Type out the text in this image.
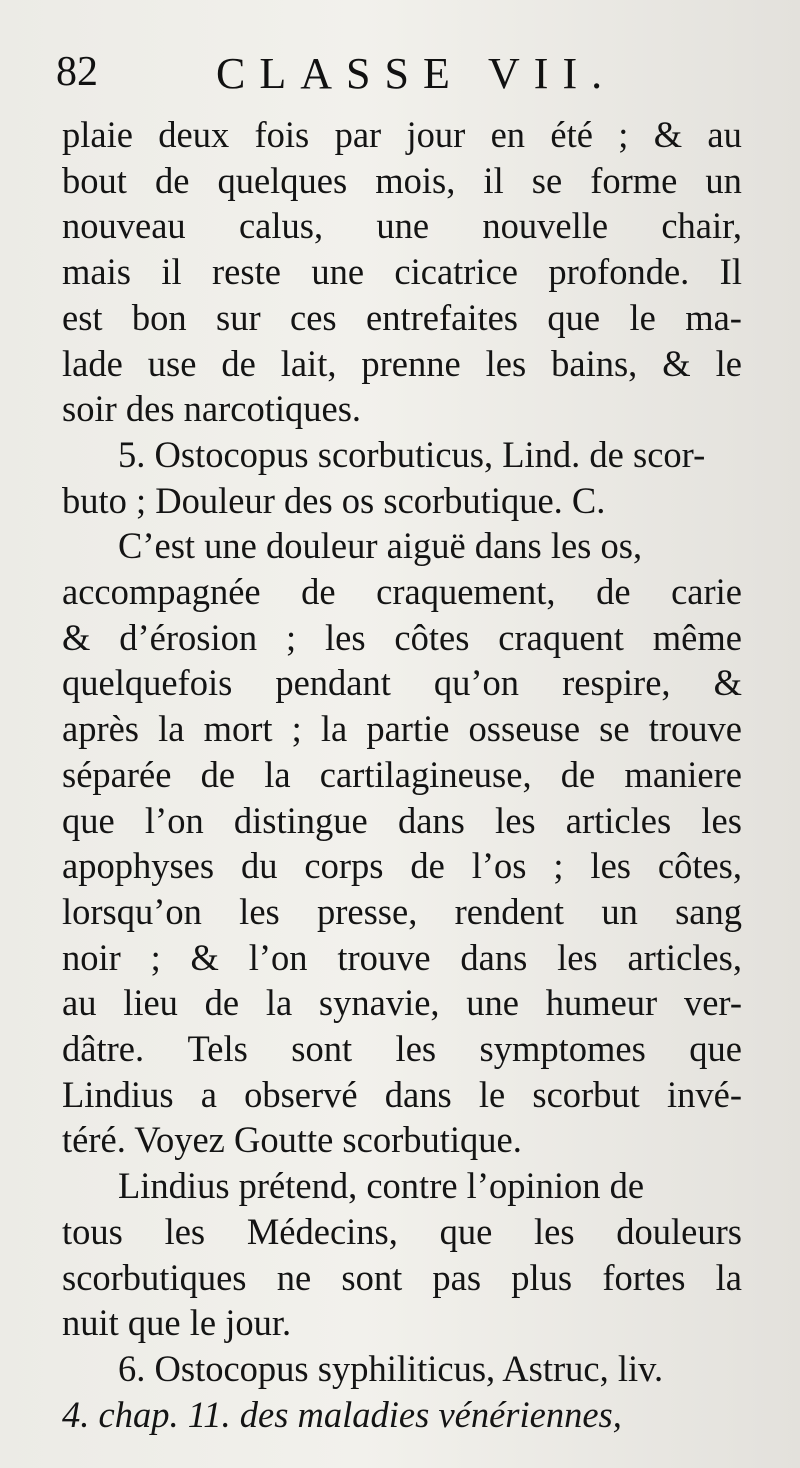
82	CLASSE VII.

plaie deux fois par jour en été ; & au
bout de quelques mois, il se forme un
nouveau calus, une nouvelle chair,
mais il reste une cicatrice profonde. Il
est bon sur ces entrefaites que le ma-
lade use de lait, prenne les bains, & le
soir des narcotiques.

5. Ostocopus scorbuticus, Lind. de scor-

buto ; Douleur des os scorbutique. C.

C’est une douleur aiguë dans les os,

accompagnée de craquement, de carie
& d’érosion ; les côtes craquent même
quelquefois pendant qu’on respire, &
après la mort ; la partie osseuse se trouve
séparée de la cartilagineuse, de maniere
que l’on distingue dans les articles les
apophyses du corps de l’os ; les côtes,
lorsqu’on les presse, rendent un sang
noir ; & l’on trouve dans les articles,
au lieu de la synavie, une humeur ver-
dâtre. Tels sont les symptomes que
Lindius a observé dans le scorbut invé-
téré. Voyez Goutte scorbutique.

Lindius prétend, contre l’opinion de

tous les Médecins, que les douleurs
scorbutiques ne sont pas plus fortes la
nuit que le jour.

6. Ostocopus syphiliticus, Astruc, liv.

4. chap. 11. des maladies vénériennes,
